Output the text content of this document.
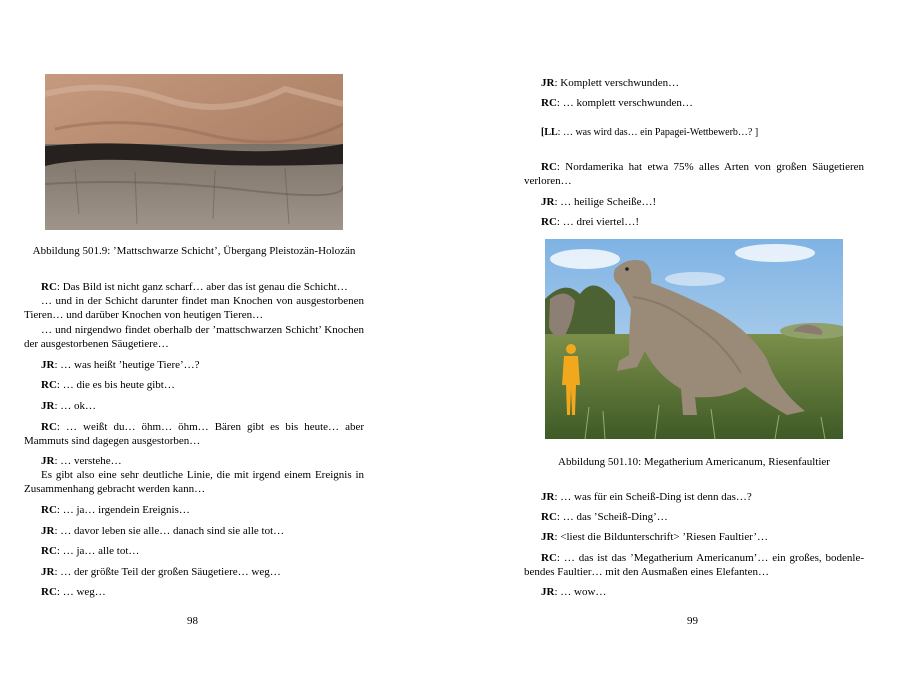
Abbildung 501.9: ’Mattschwarze Schicht’, Übergang Pleistozän-Holozän
RC: Das Bild ist nicht ganz scharf… aber das ist genau die Schicht…
… und in der Schicht darunter findet man Knochen von ausgestorbenen Tieren… und darüber Knochen von heutigen Tieren…
… und nirgendwo findet oberhalb der ’mattschwarzen Schicht’ Knochen der ausgestorbenen Säugetiere…
JR: … was heißt ’heutige Tiere’…?
RC: … die es bis heute gibt…
JR: … ok…
RC: … weißt du… öhm… öhm… Bären gibt es bis heute… aber Mammuts sind dagegen ausgestorben…
JR: … verstehe…
Es gibt also eine sehr deutliche Linie, die mit irgend einem Ereignis in Zusammenhang gebracht werden kann…
RC: … ja… irgendein Ereignis…
JR: … davor leben sie alle… danach sind sie alle tot…
RC: … ja… alle tot…
JR: … der größte Teil der großen Säugetiere… weg…
RC: … weg…
98
JR: Komplett verschwunden…
RC: … komplett verschwunden…
[LL: … was wird das… ein Papagei-Wettbewerb…? ]
RC: Nordamerika hat etwa 75% alles Arten von großen Säugetieren verloren…
JR: … heilige Scheiße…!
RC: … drei viertel…!
Abbildung 501.10: Megatherium Americanum, Riesenfaultier
JR: … was für ein Scheiß-Ding ist denn das…?
RC: … das ’Scheiß-Ding’…
JR: <liest die Bildunterschrift> ’Riesen Faultier’…
RC: … das ist das ’Megatherium Americanum’… ein großes, bodenle- bendes Faultier… mit den Ausmaßen eines Elefanten…
JR: … wow…
99
